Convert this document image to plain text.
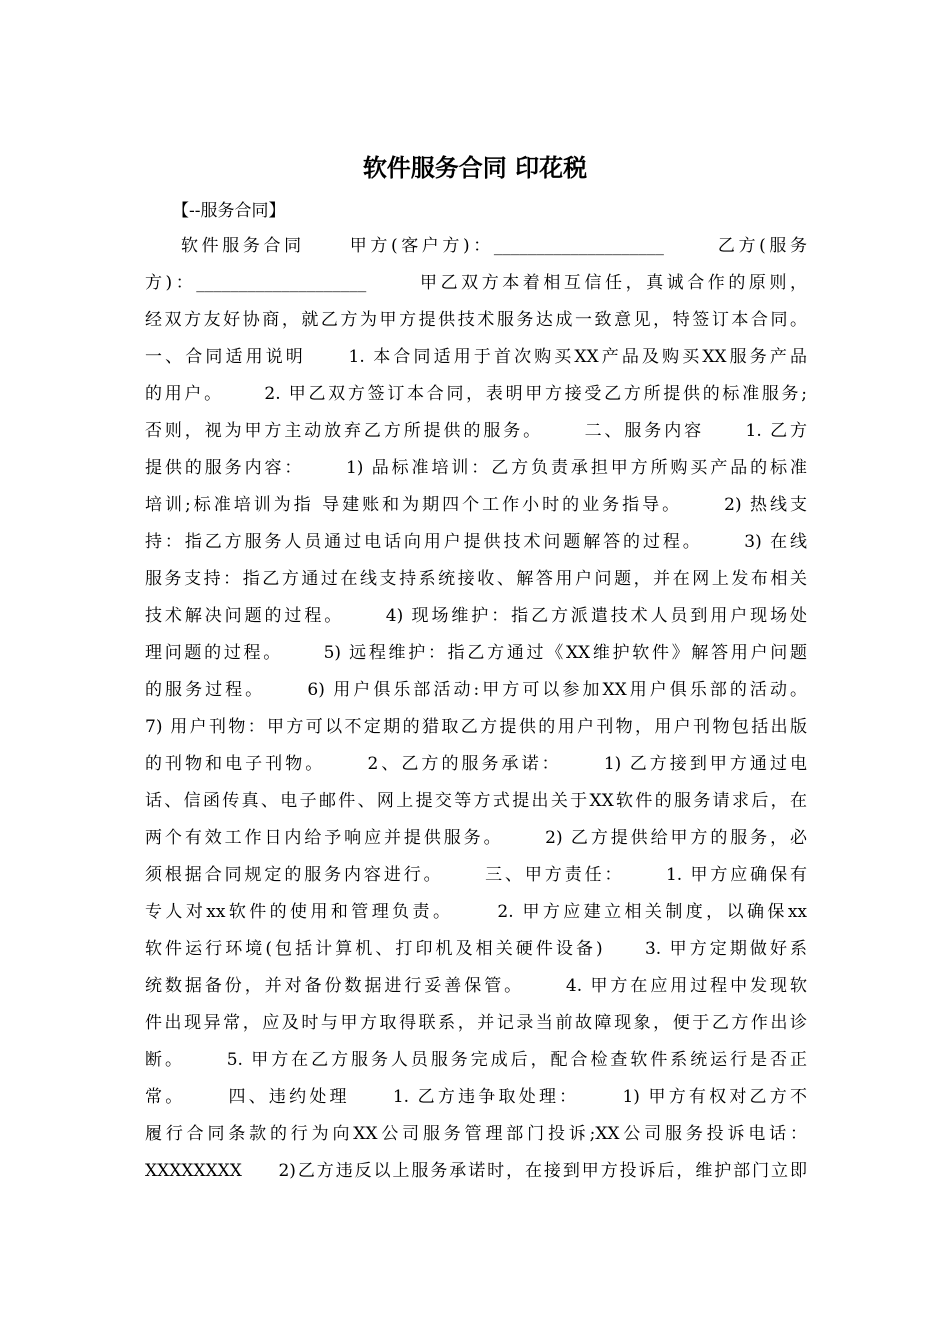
软件服务合同 印花税
【--服务合同】
软件服务合同     甲方(客户方)：____________________      乙方(服务
方)：____________________      甲乙双方本着相互信任，真诚合作的原则，
经双方友好协商，就乙方为甲方提供技术服务达成一致意见，特签订本合同。
一、合同适用说明     1. 本合同适用于首次购买XX产品及购买XX服务产品
的用户。     2. 甲乙双方签订本合同，表明甲方接受乙方所提供的标准服务;
否则，视为甲方主动放弃乙方所提供的服务。     二、服务内容     1. 乙方
提供的服务内容：     1) 品标准培训：乙方负责承担甲方所购买产品的标准
培训;标准培训为指 导建账和为期四个工作小时的业务指导。     2) 热线支
持：指乙方服务人员通过电话向用户提供技术问题解答的过程。     3) 在线
服务支持：指乙方通过在线支持系统接收、解答用户问题，并在网上发布相关
技术解决问题的过程。     4) 现场维护：指乙方派遣技术人员到用户现场处
理问题的过程。     5) 远程维护：指乙方通过《XX维护软件》解答用户问题
的服务过程。     6) 用户俱乐部活动:甲方可以参加XX用户俱乐部的活动。
7) 用户刊物：甲方可以不定期的猎取乙方提供的用户刊物，用户刊物包括出版
的刊物和电子刊物。     2、乙方的服务承诺：     1) 乙方接到甲方通过电
话、信函传真、电子邮件、网上提交等方式提出关于XX软件的服务请求后，在
两个有效工作日内给予响应并提供服务。     2) 乙方提供给甲方的服务，必
须根据合同规定的服务内容进行。     三、甲方责任：     1. 甲方应确保有
专人对xx软件的使用和管理负责。     2. 甲方应建立相关制度，以确保xx
软件运行环境(包括计算机、打印机及相关硬件设备)     3. 甲方定期做好系
统数据备份，并对备份数据进行妥善保管。     4. 甲方在应用过程中发现软
件出现异常，应及时与甲方取得联系，并记录当前故障现象，便于乙方作出诊
断。     5. 甲方在乙方服务人员服务完成后，配合检查软件系统运行是否正
常。     四、违约处理     1. 乙方违争取处理：     1) 甲方有权对乙方不
履行合同条款的行为向XX公司服务管理部门投诉;XX公司服务投诉电话：
XXXXXXXX     2)乙方违反以上服务承诺时，在接到甲方投诉后，维护部门立即
